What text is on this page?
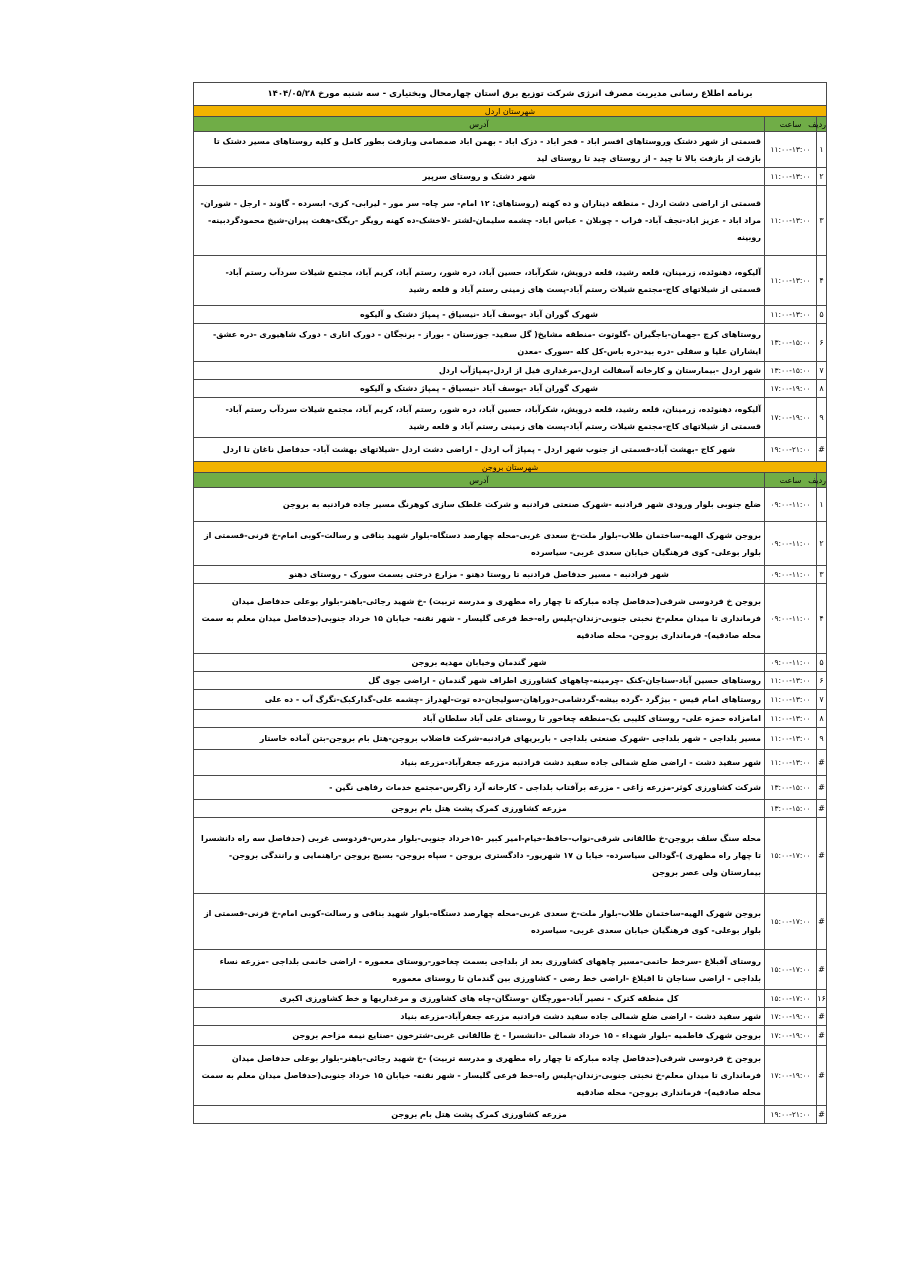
برنامه اطلاع رسانی مدیریت مصرف انرژی شرکت توزیع برق استان چهارمحال وبختیاری - سه شنبه مورخ ۱۴۰۴/۰۵/۲۸		
شهرستان اردل		
ردیف	ساعت	آدرس
۱	۱۱:۰۰-۱۳:۰۰	قسمتی از شهر دشتک وروستاهای افسر اباد - فخر اباد - دزک اباد - بهمن اباد صمصامی وبازفت بطور کامل و کلیه روستاهای مسیر دشتک تا بازفت از بازفت بالا تا چید - از روستای چید تا روستای لید
۲	۱۱:۰۰-۱۳:۰۰	شهر دشتک و روستای سرپیر
۳	۱۱:۰۰-۱۳:۰۰	قسمتی از اراضی دشت اردل - منطقه دیناران و ده کهنه (روستاهای: ۱۲ امام- سر چاه- سر مور - لیرابی- کری- ابسرده - گاوند - ارجل - شوران- مراد اباد - عزیز اباد-نجف آباد- فراب - چوبلان - عباس اباد- چشمه سلیمان-لشتر -لاخشک-ده کهنه رویگر -ریگک-هفت پیران-شیخ محمودگردبینه-روبینه
۴	۱۱:۰۰-۱۳:۰۰	آلیکوه، دهنوئده، زرمینان، قلعه رشید، قلعه درویش، شکرآباد، حسین آباد، دره شور، رستم آباد، کریم آباد، مجتمع شیلات سردآب رستم آباد-قسمتی از شیلاتهای کاج-مجتمع شیلات رستم آباد-پست های زمینی رستم آباد و قلعه رشید
۵	۱۱:۰۰-۱۳:۰۰	شهرک گوران آباد -یوسف آباد -نیسیاق - پمپاژ دشتک و آلیکوه
۶	۱۳:۰۰-۱۵:۰۰	روستاهای کرچ -جهمان-باجگیران -گلوتوت -منطقه مشایخ( گل سفید- جوزستان - بوراز - برنجگان - دورک اناری - دورک شاهیوری -دره عشق- ایشاران علیا و سفلی -دره بید-دره باس-کل کله -سورک -معدن
۷	۱۳:۰۰-۱۵:۰۰	شهر اردل -بیمارستان و کارخانه آسفالت اردل-مرغداری فیل از اردل-پمپاژآب اردل
۸	۱۷:۰۰-۱۹:۰۰	شهرک گوران آباد -یوسف آباد -نیسیاق - پمپاژ دشتک و آلیکوه
۹	۱۷:۰۰-۱۹:۰۰	آلیکوه، دهنوئده، زرمینان، قلعه رشید، قلعه درویش، شکرآباد، حسین آباد، دره شور، رستم آباد، کریم آباد، مجتمع شیلات سردآب رستم آباد-قسمتی از شیلاتهای کاج-مجتمع شیلات رستم آباد-پست های زمینی رستم آباد و قلعه رشید
#	۱۹:۰۰-۲۱:۰۰	شهر کاج -بهشت آباد-قسمتی از جنوب شهر اردل - پمپاژ آب اردل - اراضی دشت اردل -شیلاتهای بهشت آباد- حدفاصل ناغان تا اردل
شهرستان بروجن		
ردیف	ساعت	آدرس
۱	۰۹:۰۰-۱۱:۰۰	ضلع جنوبی بلوار ورودی شهر فرادنبه -شهرک صنعتی فرادنبه و شرکت غلطک سازی کوهرنگ مسیر جاده فرادنبه به بروجن
۲	۰۹:۰۰-۱۱:۰۰	بروجن شهرک الهیه-ساختمان طلاب-بلوار ملت-خ سعدی غربی-محله چهارصد دستگاه-بلوار شهید بناقی و رسالت-کوبی امام-خ قرنی-قسمتی از بلوار بوعلی- کوی فرهنگیان خیابان سعدی غربی- سیاسرده
۳	۰۹:۰۰-۱۱:۰۰	شهر فرادنبه - مسیر حدفاصل فرادنبه تا روستا دهنو - مزارع درختی بسمت سورک - روستای دهنو
۴	۰۹:۰۰-۱۱:۰۰	بروجن خ فردوسی شرقی(حدفاصل چاده مبارکه تا چهار راه مطهری و مدرسه تربیت) -خ شهید رجائی-باهنر-بلوار بوعلی حدفاصل میدان فرمانداری تا میدان معلم-خ نخبتی جنوبی-زندان-پلیس راه-خط فرعی گلیسار - شهر نقنه- خیابان ۱۵ خرداد جنوبی(حدفاصل میدان معلم به سمت محله صادقیه)- فرمانداری بروجن- محله صادقیه
۵	۰۹:۰۰-۱۱:۰۰	شهر گندمان وخیابان مهدیه بروجن
۶	۱۱:۰۰-۱۳:۰۰	روستاهای حسین آباد-سناجان-کنک -چرمینه-چاههای کشاورزی اطراف شهر گندمان - اراضی جوی گل
۷	۱۱:۰۰-۱۳:۰۰	روستاهای امام قیس - بیژگرد -گرده بیشه-گردشامی-دوراهان-سولیجان-ده توت-لهدراز -چشمه علی-گدارکبک-نگرگ آب - ده علی
۸	۱۱:۰۰-۱۳:۰۰	امامزاده حمزه علی- روستای کلیبی بک-منطقه چغاخور تا روستای علی آباد سلطان آباد
۹	۱۱:۰۰-۱۳:۰۰	مسیر بلداجی - شهر بلداجی -شهرک صنعتی بلداجی - باربریهای فرادنبه-شرکت فاضلاب بروجن-هتل بام بروجن-بتن آماده خاستار
#	۱۱:۰۰-۱۳:۰۰	شهر سفید دشت - اراضی ضلع شمالی جاده سفید دشت فرادنبه مزرعه جعفرآباد-مزرعه بنیاد
#	۱۳:۰۰-۱۵:۰۰	شرکت کشاورزی کوثر-مزرعه زاغی - مزرعه برآفتاب بلداجی - کارخانه آرد زاگرس-مجتمع خدمات رفاهی نگین -
#	۱۳:۰۰-۱۵:۰۰	مزرعه کشاورزی کمرک پشت هتل بام بروجن
#	۱۵:۰۰-۱۷:۰۰	محله سنگ سلف بروجن-خ طالقانی شرقی-نواب-حافظ-خیام-امیر کبیر -۱۵خرداد جنوبی-بلوار مدرس-فردوسی غربی (حدفاصل سه راه دانشسرا تا چهار راه مطهری )-گودالی سیاسرده- خیابا ن ۱۷ شهریور- دادگستری بروجن - سپاه بروجن- بسیج بروجن -راهنمایی و رانندگی بروجن-بیمارستان ولی عصر بروجن
#	۱۵:۰۰-۱۷:۰۰	بروجن شهرک الهیه-ساختمان طلاب-بلوار ملت-خ سعدی غربی-محله چهارصد دستگاه-بلوار شهید بناقی و رسالت-کوبی امام-خ قرنی-قسمتی از بلوار بوعلی- کوی فرهنگیان خیابان سعدی غربی- سیاسرده
#	۱۵:۰۰-۱۷:۰۰	روستای آقبلاغ -سرخط حاتمی-مسیر چاههای کشاورزی بعد از بلداجی بسمت چغاخور-روستای معموره - اراضی خانمی بلداجی -مزرعه نساء بلداجی - اراضی سناجان تا اقبلاغ -اراضی خط رضی - کشاورزی بین گندمان تا روستای معموره
۱۶	۱۵:۰۰-۱۷:۰۰	کل منطقه کترک - نصیر آباد-مورچگان -وستگان-چاه های کشاورزی و مرغداریها و خط کشاورزی اکبری
#	۱۷:۰۰-۱۹:۰۰	شهر سفید دشت - اراضی ضلع شمالی جاده سفید دشت فرادنبه مزرعه جعفرآباد-مزرعه بنیاد
#	۱۷:۰۰-۱۹:۰۰	بروجن شهرک فاطمیه -بلوار شهداء - ۱۵ خرداد شمالی -دانشسرا - خ طالقانی غربی-شترخون -صنایع نیمه مزاحم بروجن
#	۱۷:۰۰-۱۹:۰۰	بروجن خ فردوسی شرقی(حدفاصل چاده مبارکه تا چهار راه مطهری و مدرسه تربیت) -خ شهید رجائی-باهنر-بلوار بوعلی حدفاصل میدان فرمانداری تا میدان معلم-خ نخبتی جنوبی-زندان-پلیس راه-خط فرعی گلیسار - شهر نقنه- خیابان ۱۵ خرداد جنوبی(حدفاصل میدان معلم به سمت محله صادقیه)- فرمانداری بروجن- محله صادقیه
#	۱۹:۰۰-۲۱:۰۰	مزرعه کشاورزی کمرک پشت هتل بام بروجن
